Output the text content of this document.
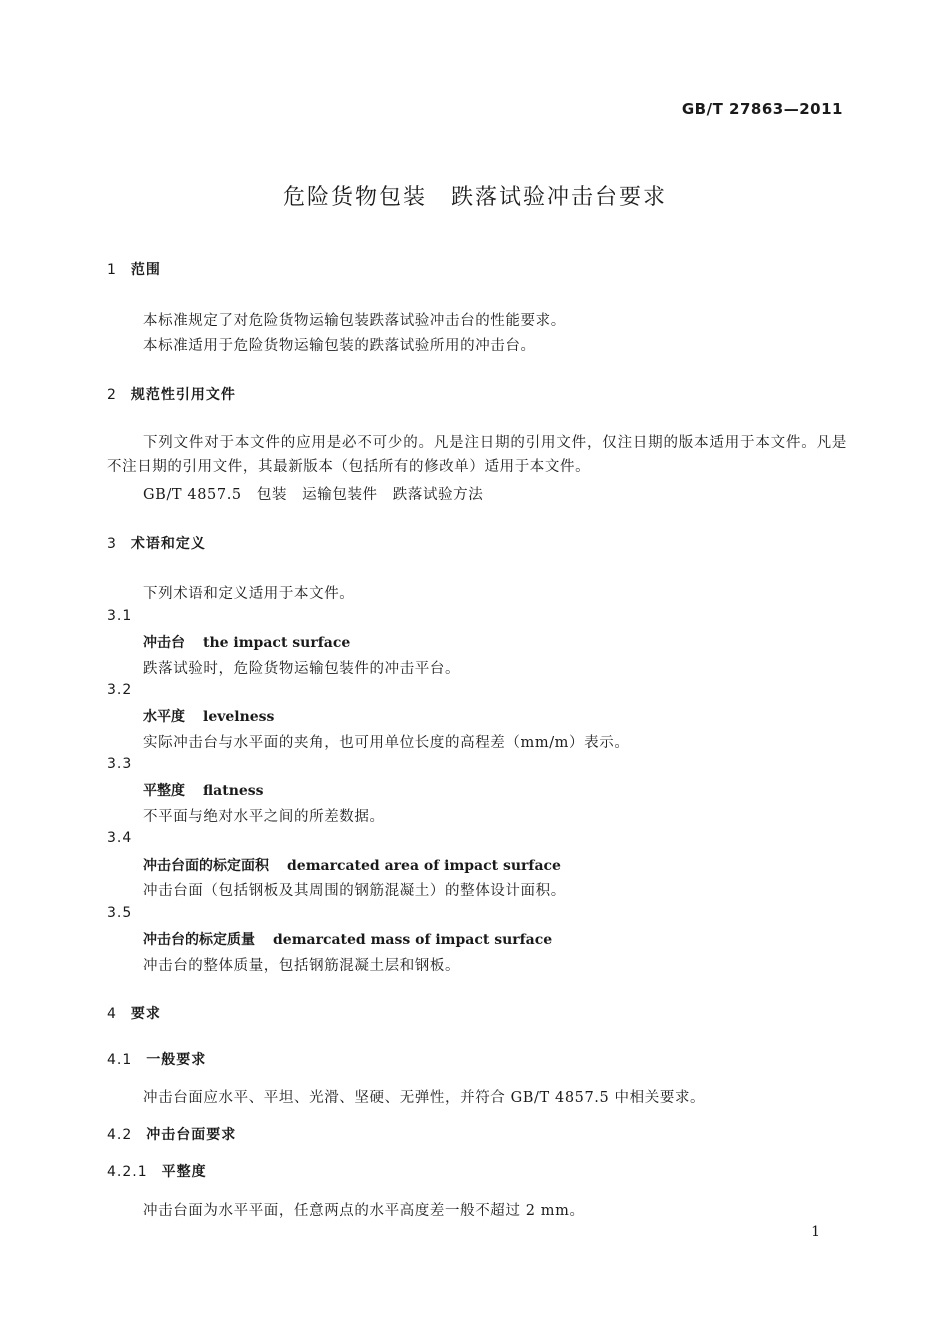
GB/T 27863—2011
危险货物包装　跌落试验冲击台要求
1 范围
本标准规定了对危险货物运输包装跌落试验冲击台的性能要求。
本标准适用于危险货物运输包装的跌落试验所用的冲击台。
2 规范性引用文件
下列文件对于本文件的应用是必不可少的。凡是注日期的引用文件，仅注日期的版本适用于本文件。凡是不注日期的引用文件，其最新版本（包括所有的修改单）适用于本文件。
GB/T 4857.5　包装　运输包装件　跌落试验方法
3 术语和定义
下列术语和定义适用于本文件。
3.1
冲击台 the impact surface
跌落试验时，危险货物运输包装件的冲击平台。
3.2
水平度 levelness
实际冲击台与水平面的夹角，也可用单位长度的高程差（mm/m）表示。
3.3
平整度 flatness
不平面与绝对水平之间的所差数据。
3.4
冲击台面的标定面积 demarcated area of impact surface
冲击台面（包括钢板及其周围的钢筋混凝土）的整体设计面积。
3.5
冲击台的标定质量 demarcated mass of impact surface
冲击台的整体质量，包括钢筋混凝土层和钢板。
4 要求
4.1 一般要求
冲击台面应水平、平坦、光滑、坚硬、无弹性，并符合 GB/T 4857.5 中相关要求。
4.2 冲击台面要求
4.2.1 平整度
冲击台面为水平平面，任意两点的水平高度差一般不超过 2 mm。
1
